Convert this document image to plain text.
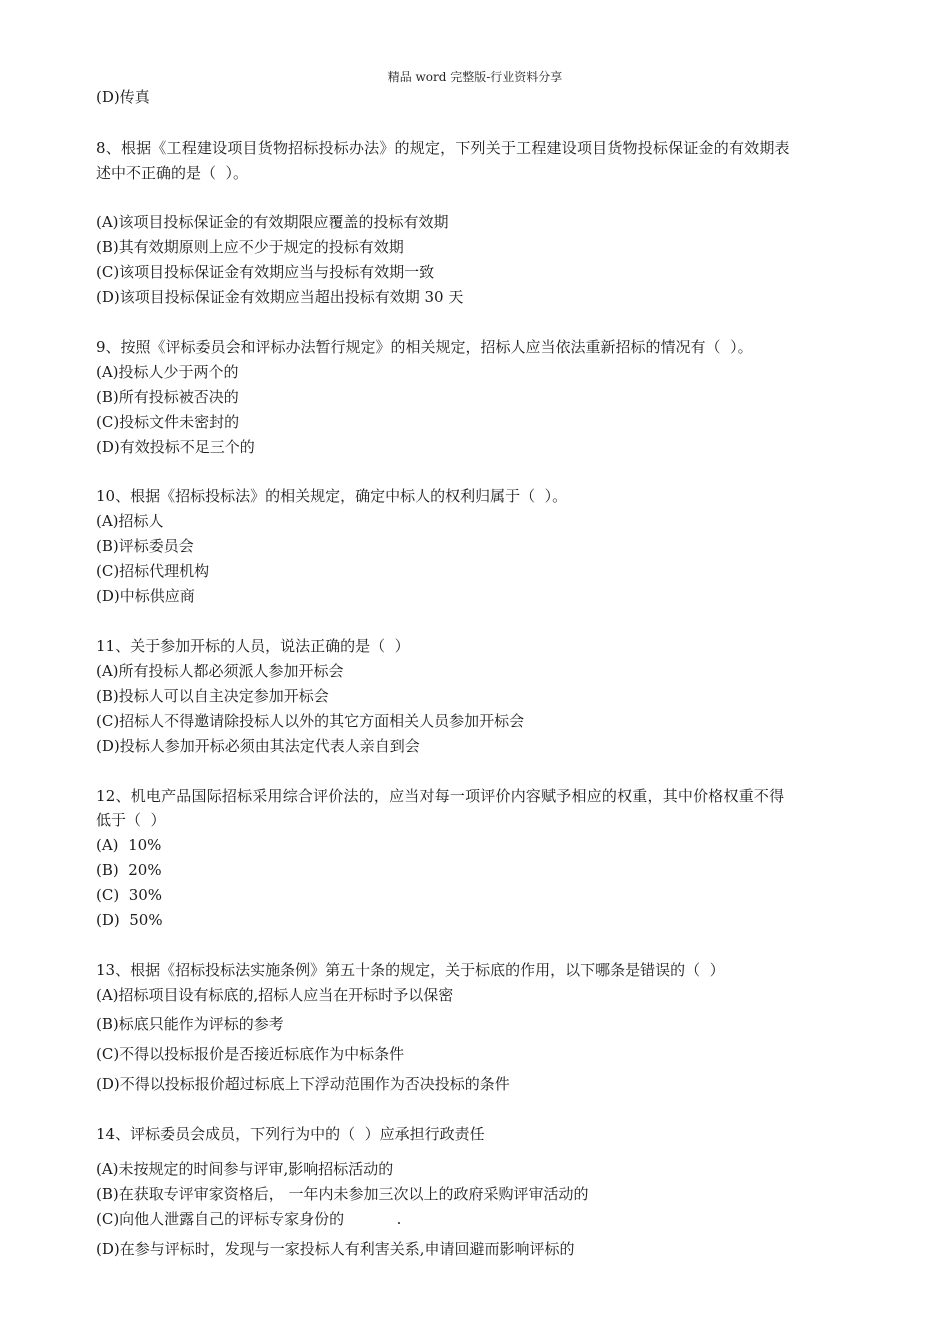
精品 word 完整版-行业资料分享
(D)传真
8、根据《工程建设项目货物招标投标办法》的规定，下列关于工程建设项目货物投标保证金的有效期表
述中不正确的是（  ）。
(A)该项目投标保证金的有效期限应覆盖的投标有效期
(B)其有效期原则上应不少于规定的投标有效期
(C)该项目投标保证金有效期应当与投标有效期一致
(D)该项目投标保证金有效期应当超出投标有效期 30 天
9、按照《评标委员会和评标办法暂行规定》的相关规定，招标人应当依法重新招标的情况有（  ）。
(A)投标人少于两个的
(B)所有投标被否决的
(C)投标文件未密封的
(D)有效投标不足三个的
10、根据《招标投标法》的相关规定，确定中标人的权利归属于（  ）。
(A)招标人
(B)评标委员会
(C)招标代理机构
(D)中标供应商
11、关于参加开标的人员，说法正确的是（  ）
(A)所有投标人都必须派人参加开标会
(B)投标人可以自主决定参加开标会
(C)招标人不得邀请除投标人以外的其它方面相关人员参加开标会
(D)投标人参加开标必须由其法定代表人亲自到会
12、机电产品国际招标采用综合评价法的，应当对每一项评价内容赋予相应的权重，其中价格权重不得
低于（  ）
(A)  10%
(B)  20%
(C)  30%
(D)  50%
13、根据《招标投标法实施条例》第五十条的规定，关于标底的作用，以下哪条是错误的（  ）
(A)招标项目设有标底的,招标人应当在开标时予以保密
(B)标底只能作为评标的参考
(C)不得以投标报价是否接近标底作为中标条件
(D)不得以投标报价超过标底上下浮动范围作为否决投标的条件
14、评标委员会成员，下列行为中的（  ）应承担行政责任
(A)未按规定的时间参与评审,影响招标活动的
(B)在获取专评审家资格后， 一年内未参加三次以上的政府采购评审活动的
(C)向他人泄露自己的评标专家身份的           .
(D)在参与评标时，发现与一家投标人有利害关系,申请回避而影响评标的
